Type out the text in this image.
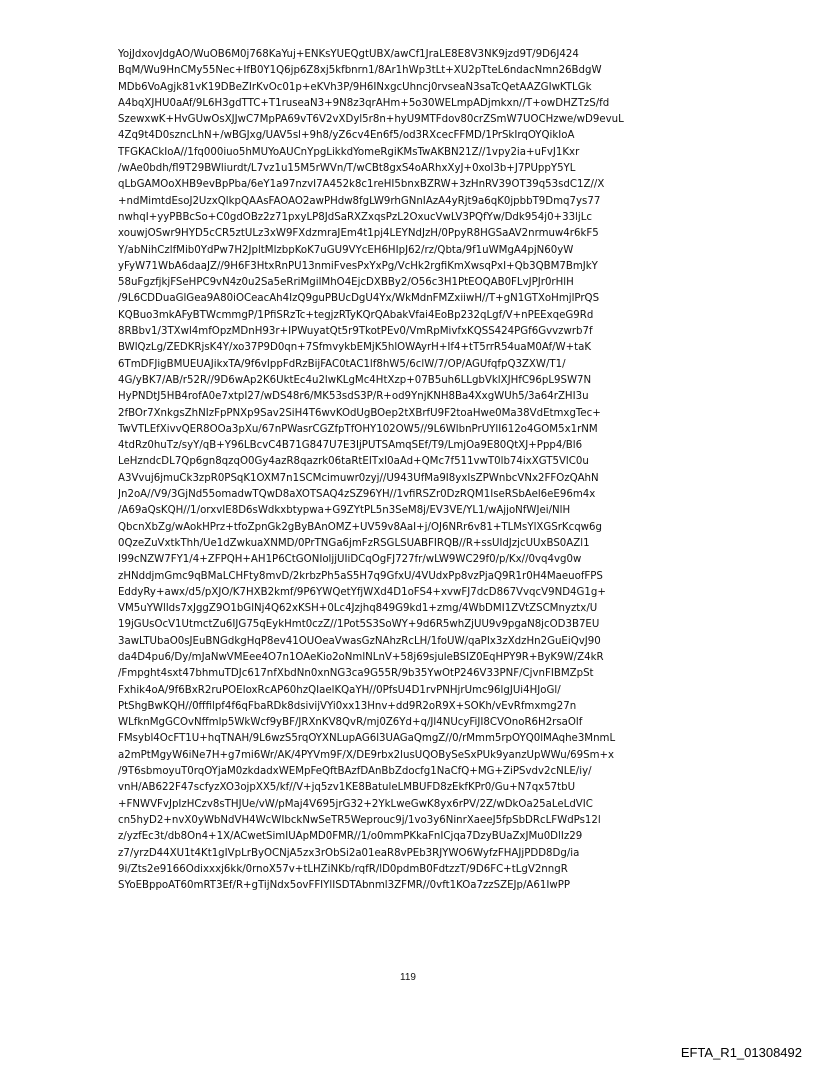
YojJdxovJdgAO/WuOB6M0j768KaYuj+ENKsYUEQgtUBX/awCf1JraLE8E8V3NK9jzd9T/9D6J424
BqM/Wu9HnCMy55Nec+IfB0Y1Q6jp6Z8xj5kfbnrn1/8Ar1hWp3tLt+XU2pTteL6ndacNmn26BdgW
MDb6VoAgjk81vK19DBeZIrKvOc01p+eKVh3P/9H6INxgcUhncj0rvseaN3saTcQetAAZGIwKTLGk
A4bqXJHU0aAf/9L6H3gdTTC+T1ruseaN3+9N8z3qrAHm+5o30WELmpADjmkxn//T+owDHZTzS/fd
SzewxwK+HvGUwOsXJJwC7MpPA69vT6V2vXDyl5r8n+hyU9MTFdov80crZSmW7UOCHzwe/wD9evuL
4Zq9t4D0szncLhN+/wBGJxg/UAV5sl+9h8/yZ6cv4En6f5/od3RXcecFFMD/1PrSkIrqOYQikIoA
TFGKACkIoA//1fq000iuo5hMUYoAUCnYpgLikkdYomeRgiKMsTwAKBN21Z//1vpy2ia+uFvJ1Kxr
/wAe0bdh/fl9T29BWliurdt/L7vz1u15M5rWVn/T/wCBt8gxS4oARhxXyJ+0xol3b+J7PUppY5YL
qLbGAMOoXHB9evBpPba/6eY1a97nzvI7A452k8c1reHI5bnxBZRW+3zHnRV39OT39q53sdC1Z//X
+ndMimtdEsoJ2UzxQlkpQAAsFAOAO2awPHdw8fgLW9rhGNnIAzA4yRjt9a6qK0jpbbT9Dmq7ys77
nwhqI+yyPBBcSo+C0gdOBz2z71pxyLP8JdSaRXZxqsPzL2OxucVwLV3PQfYw/Ddk954j0+33ljLc
xouwjOSwr9HYD5cCR5ztULz3xW9FXdzmraJEm4t1pj4LEYNdJzH/0PpyR8HGSaAV2nrmuw4r6kF5
Y/abNihCzlfMib0YdPw7H2JpltMlzbpKoK7uGU9VYcEH6HIpJ62/rz/Qbta/9f1uWMgA4pjN60yW
yFyW71WbA6daaJZ//9H6F3HtxRnPU13nmiFvesPxYxPg/VcHk2rgfiKmXwsqPxI+Qb3QBM7BmJkY
58uFgzfjkjFSeHPC9vN4z0u2Sa5eRriMgilMhO4EjcDXBBy2/O56c3H1PtEOQAB0FLvJPJr0rHlH
/9L6CDDuaGlGea9A80iOCeacAh4IzQ9guPBUcDgU4Yx/WkMdnFMZxiiwH//T+gN1GTXoHmjlPrQS
KQBuo3mkAFyBTWcmmgP/1PfiSRzTc+tegjzRTyKQrQAbakVfai4EoBp232qLgf/V+nPEExqeG9Rd
8RBbv1/3TXwl4mfOpzMDnH93r+IPWuyatQt5r9TkotPEv0/VmRpMivfxKQSS424PGf6Gvvzwrb7f
BWlQzLg/ZEDKRjsK4Y/xo37P9D0qn+7SfmvykbEMjK5hlOWAyrH+If4+tT5rrR54uaM0Af/W+taK
6TmDFJigBMUEUAJikxTA/9f6vIppFdRzBijFAC0tAC1lf8hW5/6clW/7/OP/AGUfqfpQ3ZXW/T1/
4G/yBK7/AB/r52R//9D6wAp2K6UktEc4u2lwKLgMc4HtXzp+07B5uh6LLgbVklXJHfC96pL9SW7N
HyPNDtJ5HB4rofA0e7xtpI27/wDS48r6/MK53sdS3P/R+od9YnjKNH8Ba4XxgWUh5/3a64rZHI3u
2fBOr7XnkgsZhNIzFpPNXp9Sav2SiH4T6wvKOdUgBOep2tXBrfU9F2toaHwe0Ma38VdEtmxgTec+
TwVTLEfXivvQER8OOa3pXu/67nPWasrCGZfpTfOHY102OW5//9L6WlbnPrUYlI612o4GOM5x1rNM
4tdRz0huTz/syY/qB+Y96LBcvC4B71G847U7E3IjPUTSAmqSEf/T9/LmjOa9E80QtXJ+Ppp4/Bl6
LeHzndcDL7Qp6gn8qzqO0Gy4azR8qazrk06taRtEITxI0aAd+QMc7f511vwT0lb74ixXGT5VlC0u
A3Vvuj6jmuCk3zpR0PSqK1OXM7n1SCMcimuwr0zyj//U943UfMa9I8yxIsZPWnbcVNx2FFOzQAhN
Jn2oA//V9/3GjNd55omadwTQwD8aXOTSAQ4zSZ96YH//1vfiRSZr0DzRQM1IseRSbAel6eE96m4x
/A69aQsKQH//1/orxvIE8D6sWdkxbtypwa+G9ZYtPL5n3SeM8j/EV3VE/YL1/wAjjoNfWJei/NlH
QbcnXbZg/wAokHPrz+tfoZpnGk2gByBAnOMZ+UV59v8AaI+j/OJ6NRr6v81+TLMsYlXGSrKcqw6g
0QzeZuVxtkThh/Ue1dZwkuaXNMD/0PrTNGa6jmFzRSGLSUABFIRQB//R+ssUldJzjcUUxBS0AZl1
I99cNZW7FY1/4+ZFPQH+AH1P6CtGONIoljjUIiDCqOgFJ727fr/wLW9WC29f0/p/Kx//0vq4vg0w
zHNddjmGmc9qBMaLCHFty8mvD/2krbzPh5aS5H7q9GfxU/4VUdxPp8vzPjaQ9R1r0H4MaeuofFPS
EddyRy+awx/d5/pXJO/K7HXB2kmf/9P6YWQetYfjWXd4D1oFS4+xvwFJ7dcD867VvqcV9ND4G1g+
VM5uYWllds7xJggZ9O1bGlNj4Q62xKSH+0Lc4Jzjhq849G9kd1+zmg/4WbDMI1ZVtZSCMnyztx/U
19jGUsOcV1UtmctZu6IJG75qEykHmt0czZ//1Pot5S3SoWY+9d6R5whZjUU9v9pgaN8jcOD3B7EU
3awLTUbaO0sJEuBNGdkgHqP8ev41OUOeaVwasGzNAhzRcLH/1foUW/qaPIx3zXdzHn2GuEiQvJ90
da4D4pu6/Dy/mJaNwVMEee4O7n1OAeKio2oNmlNLnV+58j69sjuleBSIZ0EqHPY9R+ByK9W/Z4kR
/Fmpght4sxt47bhmuTDJc617nfXbdNn0xnNG3ca9G55R/9b35YwOtP246V33PNF/CjvnFIBMZpSt
Fxhik4oA/9f6BxR2ruPOEIoxRcAP60hzQIaelKQaYH//0PfsU4D1rvPNHjrUmc96lgJUi4HJoGl/
PtShgBwKQH//0fffilpf4f6qFbaRDk8dsivijVYi0xx13Hnv+dd9R2oR9X+SOKh/vEvRfmxmg27n
WLfknMgGCOvNffmlp5WkWcf9yBF/JRXnKV8QvR/mj0Z6Yd+q/Jl4NUcyFiJI8CVOnoR6H2rsaOlf
FMsybl4OcFT1U+hqTNAH/9L6wzS5rqOYXNLupAG6l3UAGaQmgZ//0/rMmm5rpOYQ0lMAqhe3MnmL
a2mPtMgyW6iNe7H+g7mi6Wr/AK/4PYVm9F/X/DE9rbx2lusUQOBySeSxPUk9yanzUpWWu/69Sm+x
/9T6sbmoyuT0rqOYjaM0zkdadxWEMpFeQftBAzfDAnBbZdocfg1NaCfQ+MG+ZiPSvdv2cNLE/iy/
vnH/AB622F47scfyzXO3ojpXX5/kf//V+jq5zv1KE8BatuleLMBUFD8zEkfKPr0/Gu+N7qx57tbU
+FNWVFvJpIzHCzv8sTHJUe/vW/pMaj4V695jrG32+2YkLweGwK8yx6rPV/2Z/wDkOa25aLeLdVIC
cn5hyD2+nvX0yWbNdVH4WcWIbckNwSeTR5Weprouc9j/1vo3y6NinrXaeeJ5fpSbDRcLFWdPs12l
z/yzfEc3t/db8On4+1X/ACwetSimIUApMD0FMR//1/o0mmPKkaFnICjqa7DzyBUaZxJMu0DlIz29
z7/yrzD44XU1t4Kt1gIVpLrByOCNjA5zx3rObSi2a01eaR8vPEb3RJYWO6WyfzFHAJjPDD8Dg/ia
9i/Zts2e9166Odixxxj6kk/0rnoX57v+tLHZiNKb/rqfR/lD0pdmB0FdtzzT/9D6FC+tLgV2nngR
SYoEBppoAT60mRT3Ef/R+gTijNdx5ovFFIYlISDTAbnml3ZFMR//0vft1KOa7zzSZEJp/A61IwPP
119
EFTA_R1_01308492
